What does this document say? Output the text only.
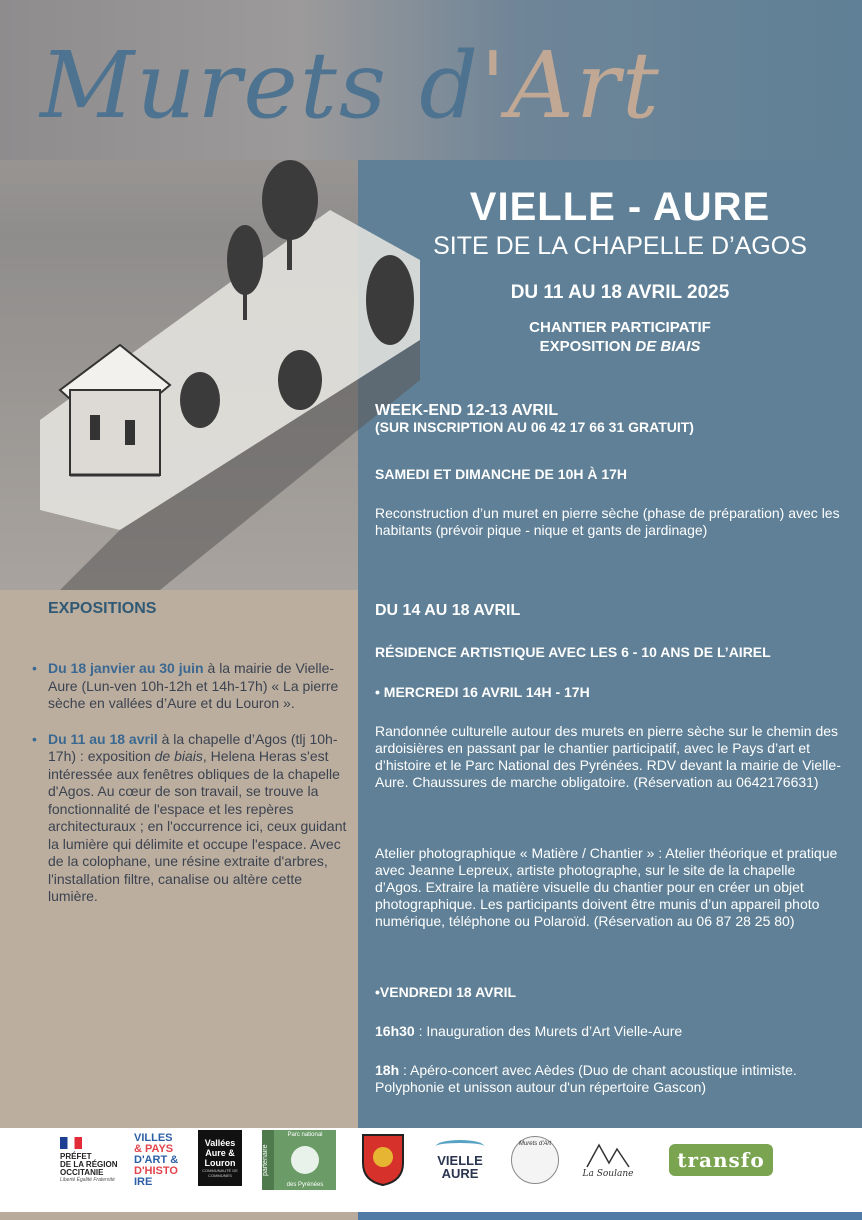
Murets d'Art
VIELLE - AURE
SITE DE LA CHAPELLE D’AGOS
DU 11 AU 18 AVRIL 2025
CHANTIER PARTICIPATIF
EXPOSITION DE BIAIS
WEEK-END 12-13 AVRIL
(SUR INSCRIPTION AU 06 42 17 66 31 GRATUIT)
SAMEDI ET DIMANCHE DE 10H À 17H
Reconstruction d’un muret en pierre sèche (phase de préparation) avec les habitants (prévoir pique - nique et gants de jardinage)
DU 14 AU 18 AVRIL
RÉSIDENCE ARTISTIQUE AVEC LES 6 - 10 ANS DE L’AIREL
• MERCREDI 16 AVRIL 14H - 17H
Randonnée culturelle autour des murets en pierre sèche sur le chemin des ardoisières en passant par le chantier participatif, avec le Pays d’art et d’histoire et le Parc National des Pyrénées. RDV devant la mairie de Vielle-Aure. Chaussures de marche obligatoire. (Réservation au 0642176631)
Atelier photographique « Matière / Chantier » : Atelier théorique et pratique avec Jeanne Lepreux, artiste photographe, sur le site de la chapelle d’Agos. Extraire la matière visuelle du chantier pour en créer un objet photographique. Les participants doivent être munis d’un appareil photo numérique, téléphone ou Polaroïd. (Réservation au 06 87 28 25 80)
•VENDREDI 18 AVRIL
16h30 : Inauguration des Murets d’Art Vielle-Aure
18h : Apéro-concert avec Aèdes (Duo de chant acoustique intimiste. Polyphonie et unisson autour d'un répertoire Gascon)
EXPOSITIONS
• Du 18 janvier au 30 juin à la mairie de Vielle-Aure (Lun-ven 10h-12h et 14h-17h) « La pierre sèche en vallées d’Aure et du Louron ».
• Du 11 au 18 avril à la chapelle d’Agos (tlj 10h-17h) : exposition de biais, Helena Heras s'est intéressée aux fenêtres obliques de la chapelle d'Agos. Au cœur de son travail, se trouve la fonctionnalité de l'espace et les repères architecturaux ; en l'occurrence ici, ceux guidant la lumière qui délimite et occupe l'espace. Avec de la colophane, une résine extraite d'arbres, l'installation filtre, canalise ou altère cette lumière.
PRÉFET
DE LA RÉGION
OCCITANIE
Liberté Égalité Fraternité
VILLES
& PAYS
D'ART &
D'HISTO
IRE
Vallées
Aure &
Louron
COMMUNAUTÉ DE COMMUNES	partenaire
Parc national
des Pyrénées
VIELLE
AURE
Murets d'Art
La Soulane
transfo
